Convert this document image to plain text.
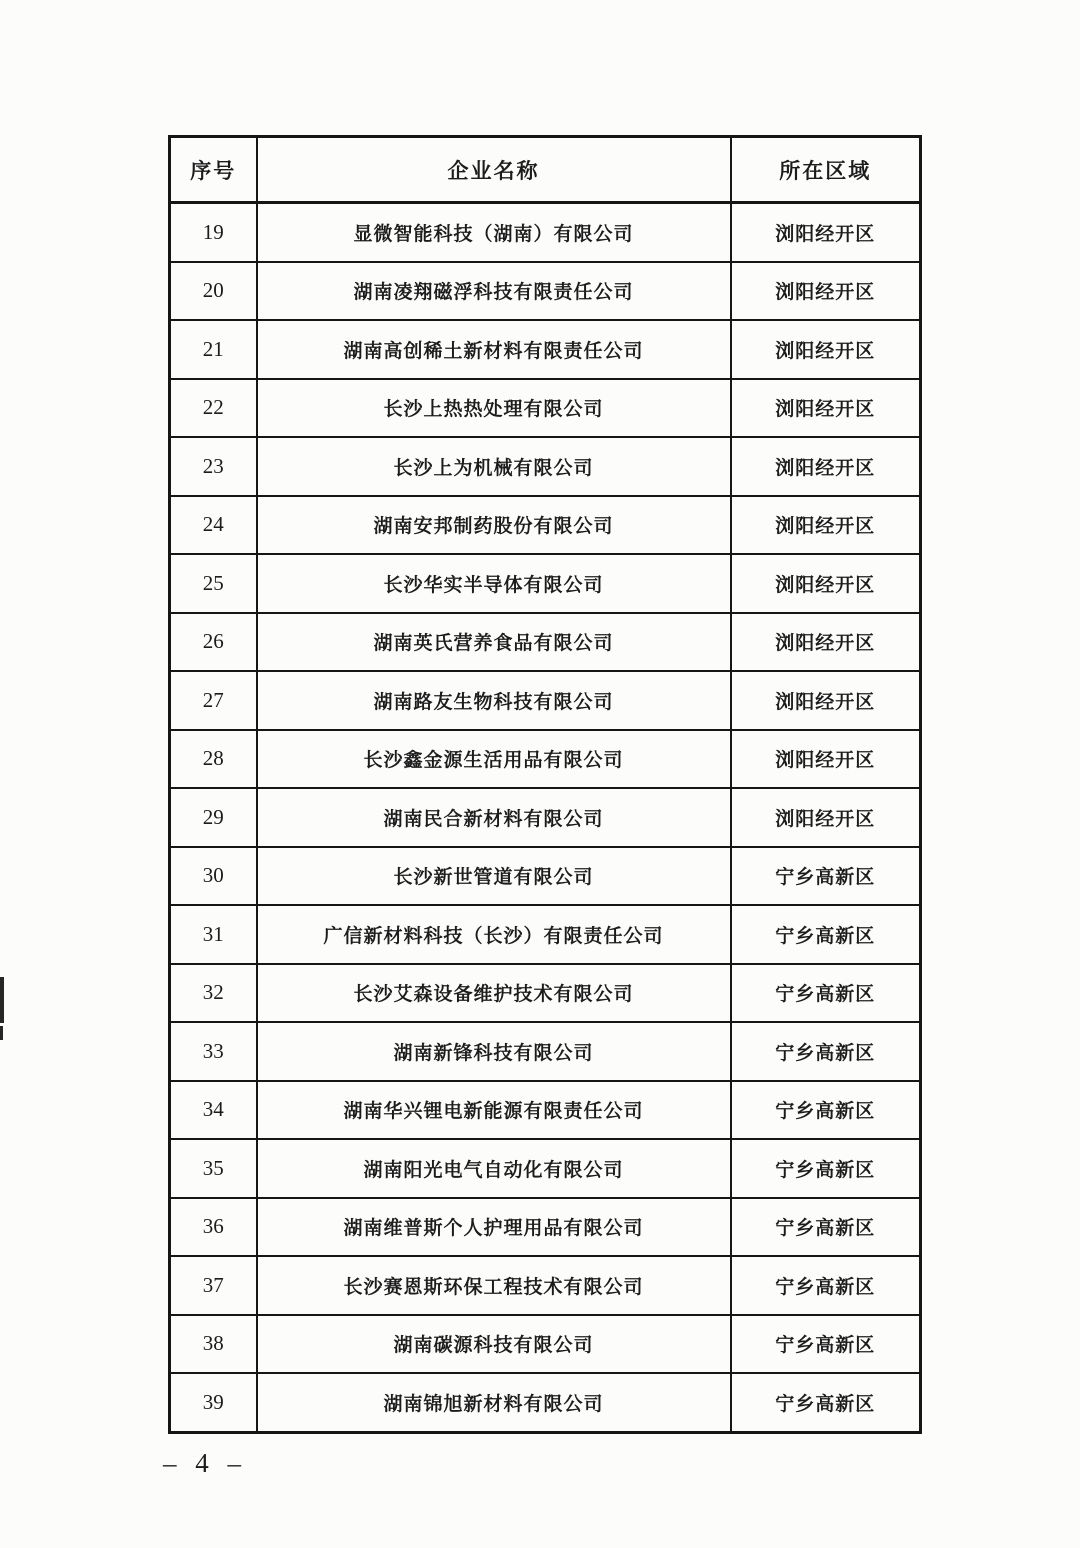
序号	企业名称	所在区域
19	显微智能科技（湖南）有限公司	浏阳经开区
20	湖南凌翔磁浮科技有限责任公司	浏阳经开区
21	湖南高创稀土新材料有限责任公司	浏阳经开区
22	长沙上热热处理有限公司	浏阳经开区
23	长沙上为机械有限公司	浏阳经开区
24	湖南安邦制药股份有限公司	浏阳经开区
25	长沙华实半导体有限公司	浏阳经开区
26	湖南英氏营养食品有限公司	浏阳经开区
27	湖南路友生物科技有限公司	浏阳经开区
28	长沙鑫金源生活用品有限公司	浏阳经开区
29	湖南民合新材料有限公司	浏阳经开区
30	长沙新世管道有限公司	宁乡高新区
31	广信新材料科技（长沙）有限责任公司	宁乡高新区
32	长沙艾森设备维护技术有限公司	宁乡高新区
33	湖南新锋科技有限公司	宁乡高新区
34	湖南华兴锂电新能源有限责任公司	宁乡高新区
35	湖南阳光电气自动化有限公司	宁乡高新区
36	湖南维普斯个人护理用品有限公司	宁乡高新区
37	长沙赛恩斯环保工程技术有限公司	宁乡高新区
38	湖南碳源科技有限公司	宁乡高新区
39	湖南锦旭新材料有限公司	宁乡高新区
– 4 –
